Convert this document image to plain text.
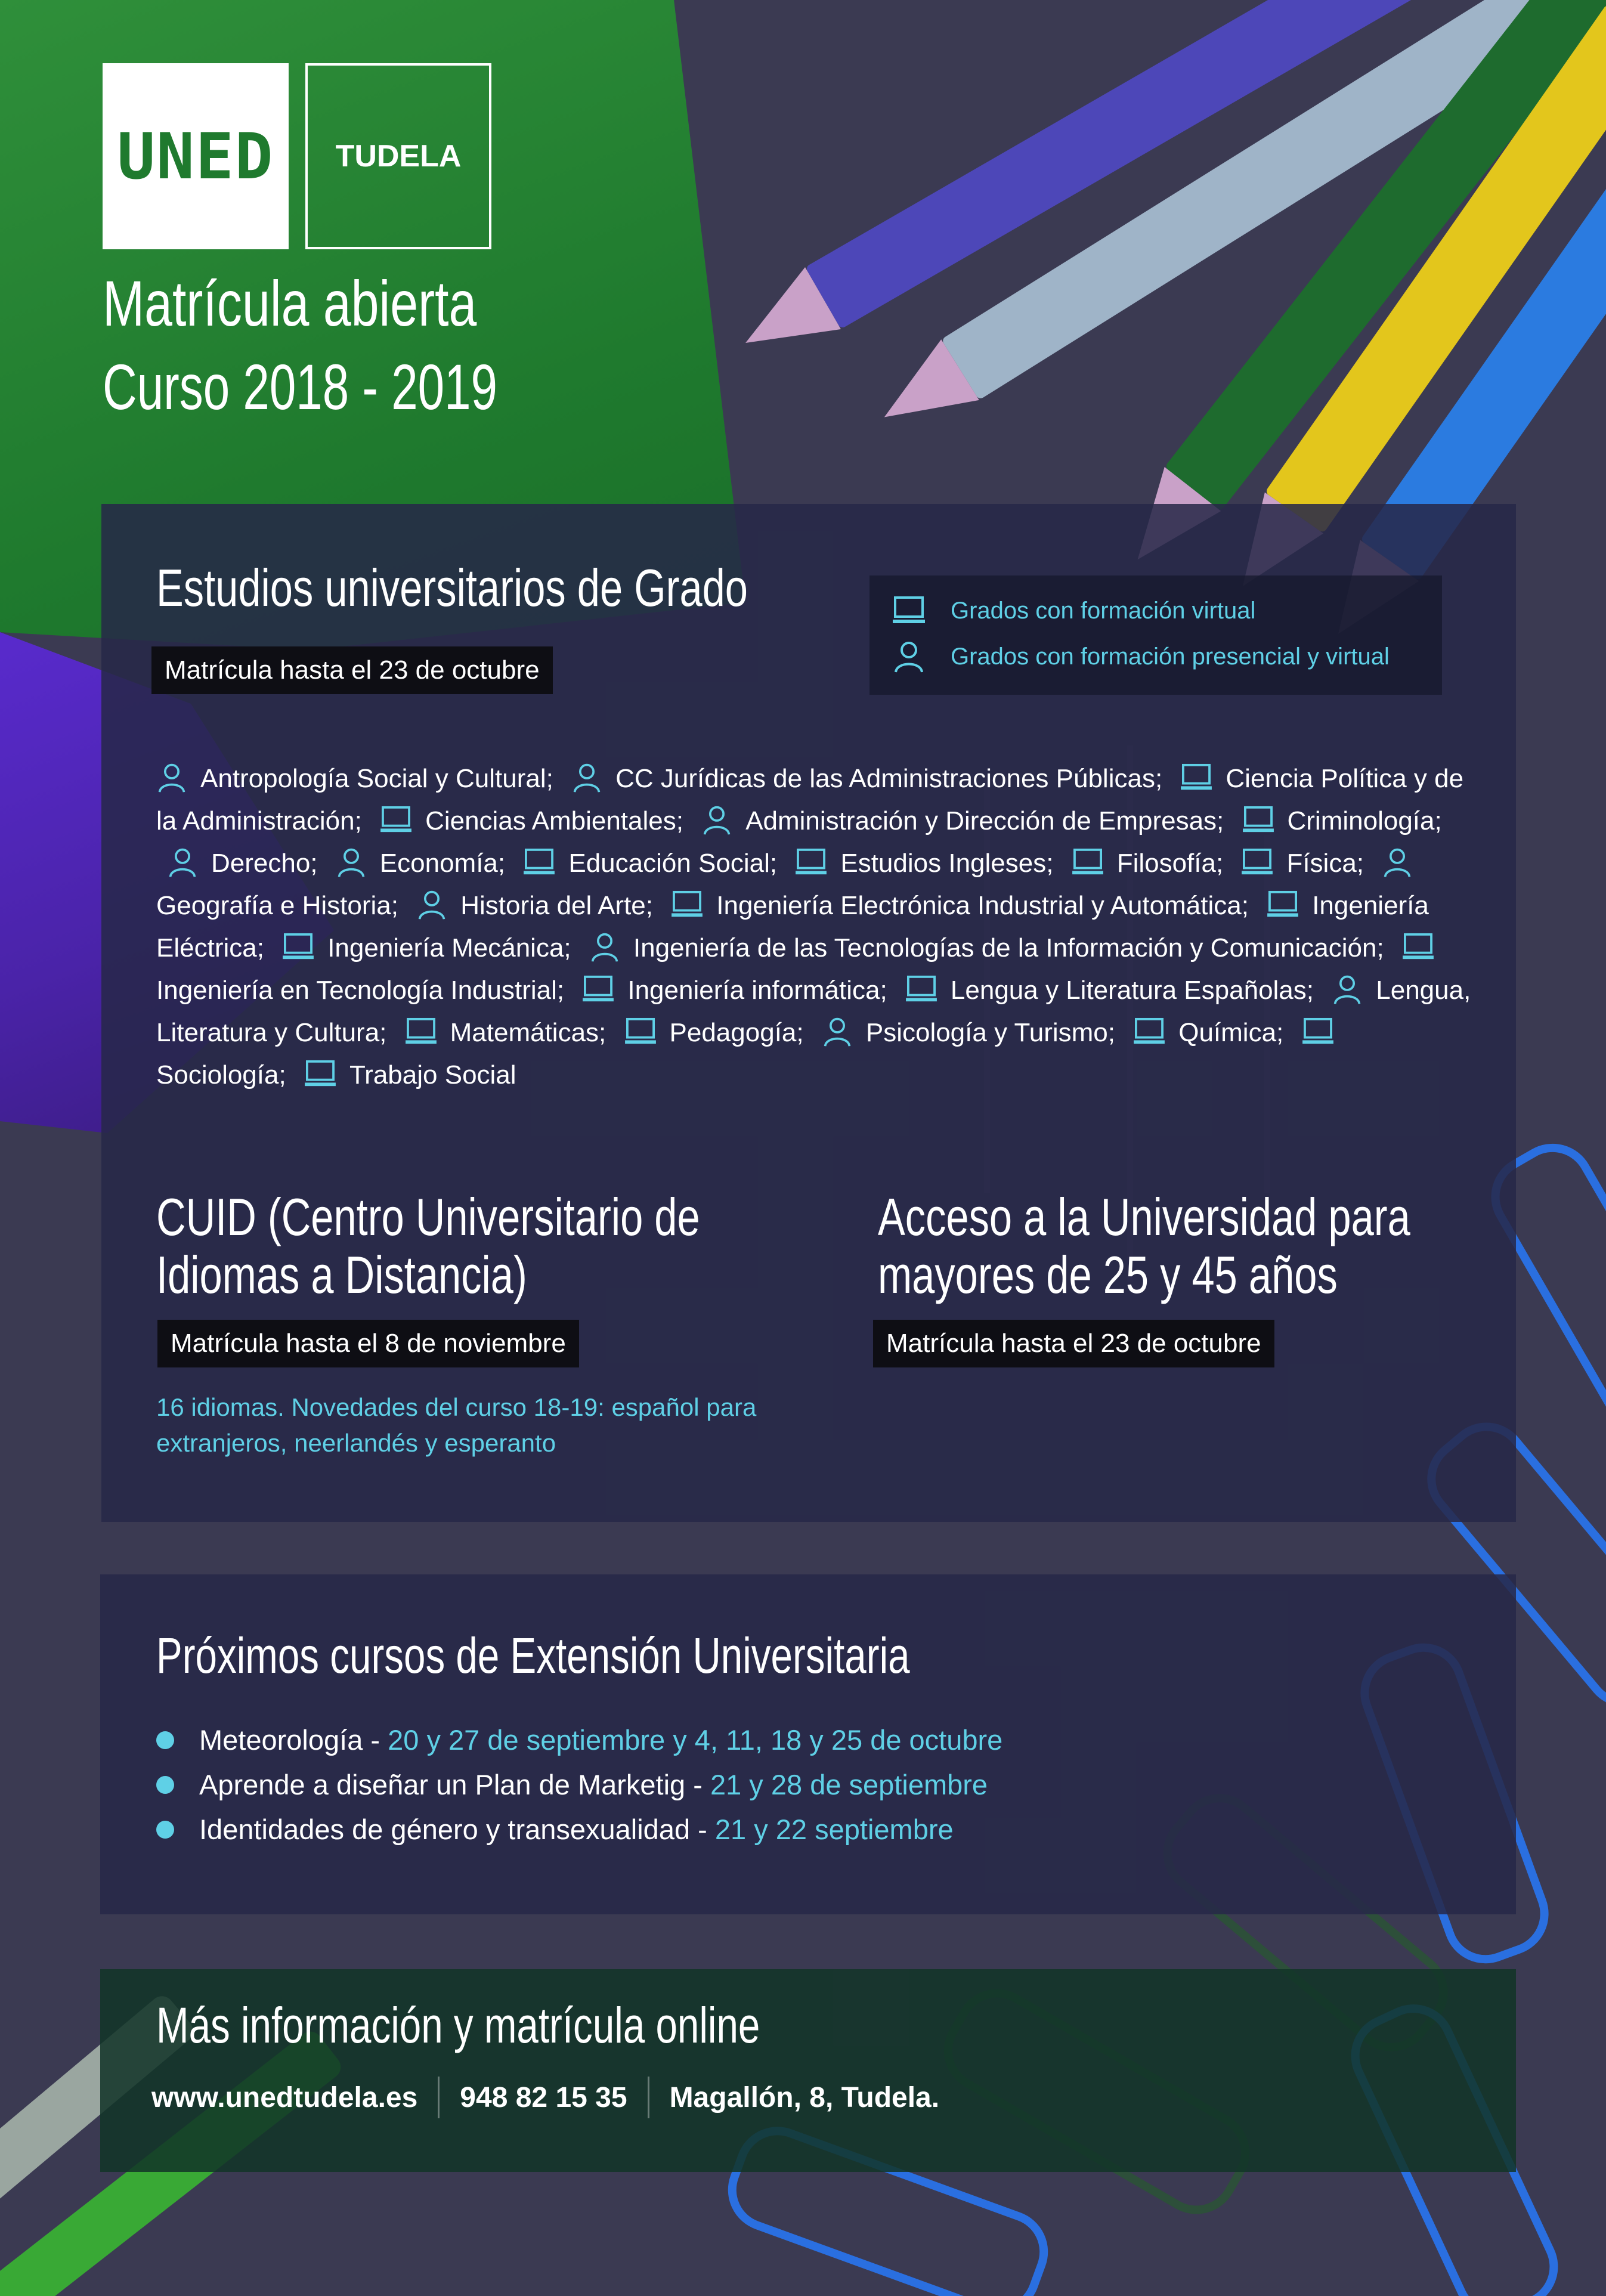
UNED TUDELA
Matrícula abierta
Curso 2018 - 2019
Estudios universitarios de Grado
Matrícula hasta el 23 de octubre
Grados con formación virtual
Grados con formación presencial y virtual
Antropología Social y Cultural; CC Jurídicas de las Administraciones Públicas; Ciencia Política y de la Administración; Ciencias Ambientales; Administración y Dirección de Empresas; Criminología;
Derecho; Economía; Educación Social; Estudios Ingleses; Filosofía; Física;
Geografía e Historia; Historia del Arte; Ingeniería Electrónica Industrial y Automática; Ingeniería Eléctrica; Ingeniería Mecánica; Ingeniería de las Tecnologías de la Información y Comunicación;
Ingeniería en Tecnología Industrial; Ingeniería informática; Lengua y Literatura Españolas; Lengua, Literatura y Cultura; Matemáticas; Pedagogía; Psicología y Turismo; Química;
Sociología; Trabajo Social
CUID (Centro Universitario de
Idiomas a Distancia)
Matrícula hasta el 8 de noviembre
16 idiomas. Novedades del curso 18-19: español para
extranjeros, neerlandés y esperanto
Acceso a la Universidad para
mayores de 25 y 45 años
Matrícula hasta el 23 de octubre
Próximos cursos de Extensión Universitaria
Meteorología - 20 y 27 de septiembre y 4, 11, 18 y 25 de octubre
Aprende a diseñar un Plan de Marketig - 21 y 28 de septiembre
Identidades de género y transexualidad - 21 y 22 septiembre
Más información y matrícula online
www.unedtudela.es 948 82 15 35 Magallón, 8, Tudela.
